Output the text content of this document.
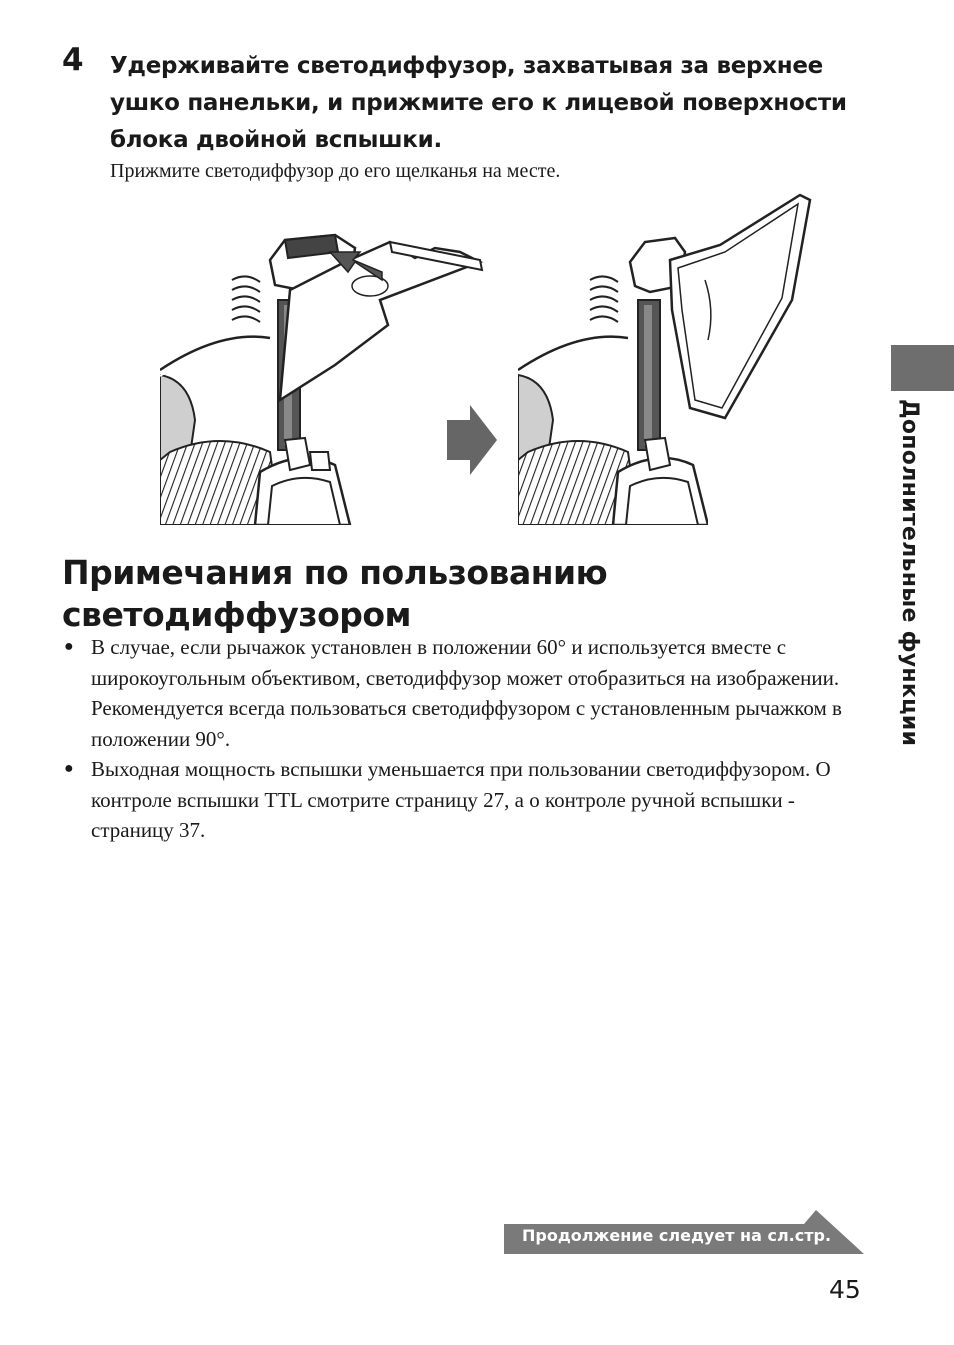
4 Удерживайте светодиффузор, захватывая за верхнее ушко панельки, и прижмите его к лицевой поверхности блока двойной вспышки.
Прижмите светодиффузор до его щелканья на месте.
Примечания по пользованию светодиффузором
● В случае, если рычажок установлен в положении 60° и используется вместе с широкоугольным объективом, светодиффузор может отобразиться на изображении. Рекомендуется всегда пользоваться светодиффузором с установленным рычажком в положении 90°.
● Выходная мощность вспышки уменьшается при пользовании светодиффузором. О контроле вспышки TTL смотрите страницу 27, а о контроле ручной вспышки - страницу 37.
Дополнительные функции
Продолжение следует на сл.стр.
45
